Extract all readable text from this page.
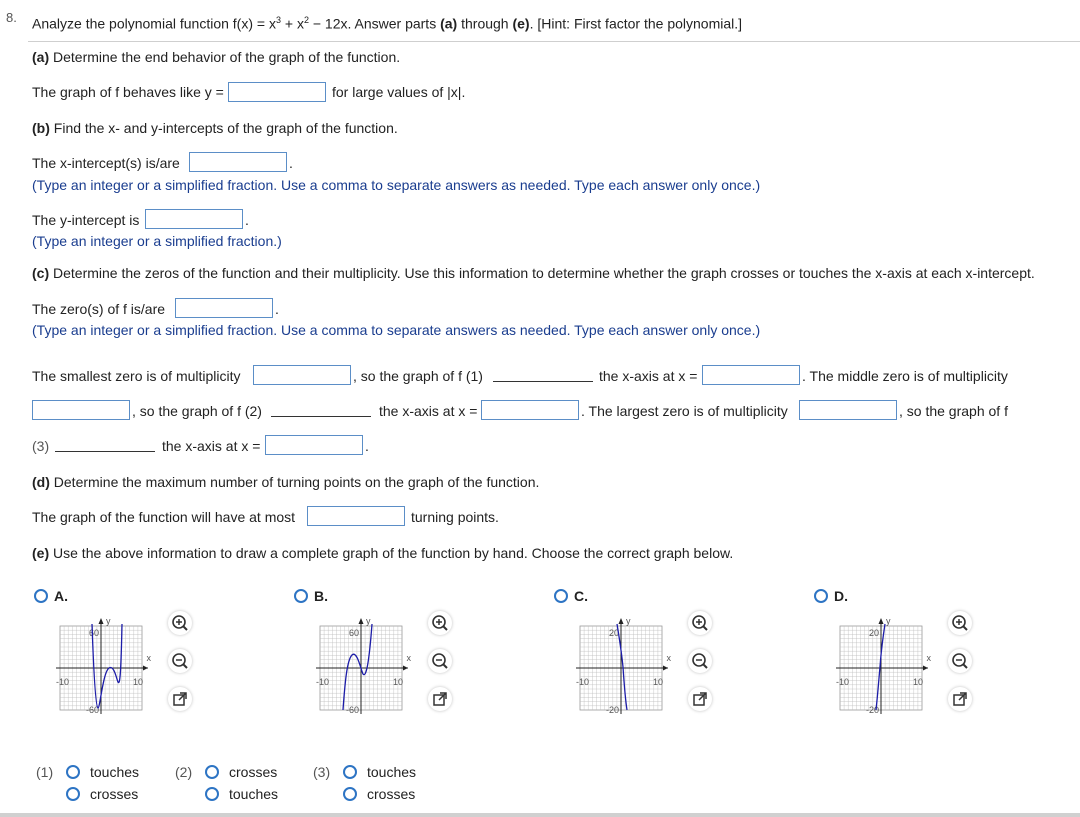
8. Analyze the polynomial function $f(x) = x^3 + x^2 - 12x$. Answer parts (a) through (e). [Hint: First factor the polynomial.]
(a) Determine the end behavior of the graph of the function.
The graph of f behaves like y =	for large values of |x|.
(b) Find the x- and y-intercepts of the graph of the function.
The x-intercept(s) is/are	.
(Type an integer or a simplified fraction. Use a comma to separate answers as needed. Type each answer only once.)
The y-intercept is	.
(Type an integer or a simplified fraction.)
(c) Determine the zeros of the function and their multiplicity. Use this information to determine whether the graph crosses or touches the x-axis at each x-intercept.
The zero(s) of f is/are	.
(Type an integer or a simplified fraction. Use a comma to separate answers as needed. Type each answer only once.)
The smallest zero is of multiplicity	, so the graph of f (1)	the x-axis at x =	. The middle zero is of multiplicity
, so the graph of f (2)	the x-axis at x =	. The largest zero is of multiplicity	, so the graph of f
(3)	the x-axis at x =	.
(d) Determine the maximum number of turning points on the graph of the function.
The graph of the function will have at most	turning points.
(e) Use the above information to draw a complete graph of the function by hand. Choose the correct graph below.
A.
60
-60
-10	10
x
y
B.
60
-60
-10	10
x
y
C.
20
-20
-10	10
x
y
D.
20
-20
-10	10
x
y
(1)	touches
crosses
(2)	crosses
touches
(3)	touches
crosses
